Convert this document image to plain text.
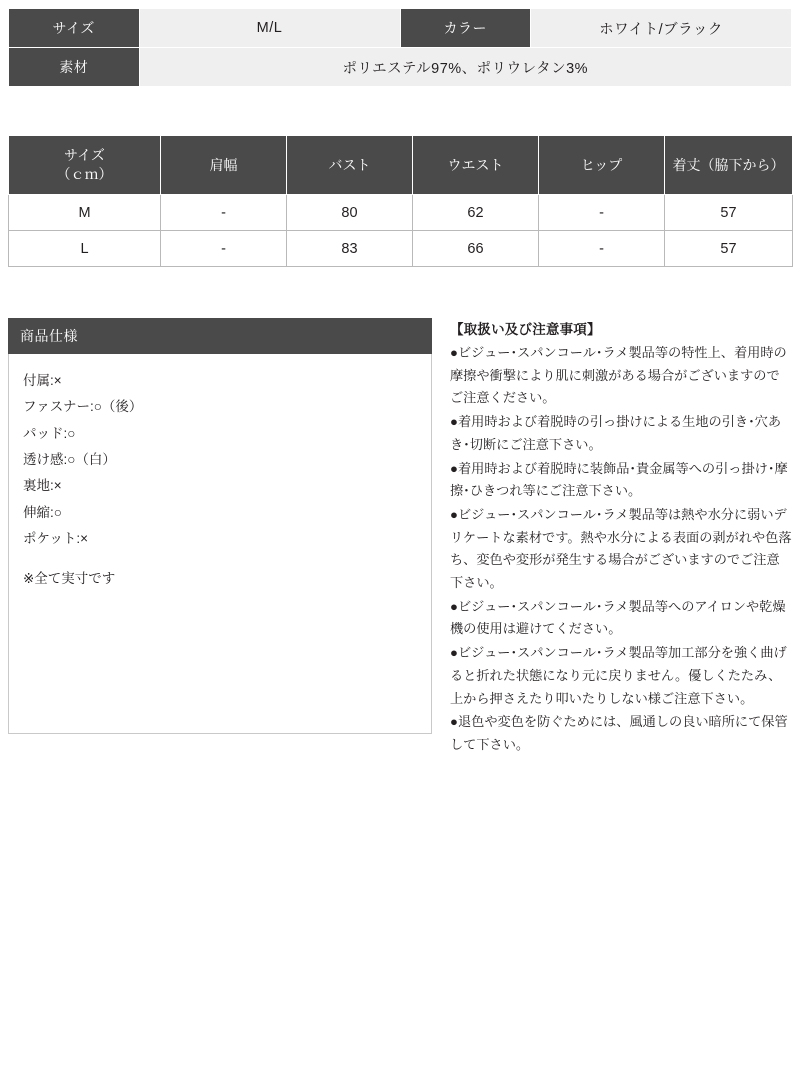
サイズ	M/L	カラー	ホワイト/ブラック
素材	ポリエステル97%、ポリウレタン3%		
サイズ
（ｃｍ）	肩幅	バスト	ウエスト	ヒップ	着丈（脇下から）
M	-	80	62	-	57
L	-	83	66	-	57
商品仕様
付属:×
ファスナー:○（後）
パッド:○
透け感:○（白）
裏地:×
伸縮:○
ポケット:×
※全て実寸です
【取扱い及び注意事項】
●ビジュー･スパンコール･ラメ製品等の特性上、着用時の摩擦や衝撃により肌に刺激がある場合がございますのでご注意ください。
●着用時および着脱時の引っ掛けによる生地の引き･穴あき･切断にご注意下さい。
●着用時および着脱時に装飾品･貴金属等への引っ掛け･摩擦･ひきつれ等にご注意下さい。
●ビジュー･スパンコール･ラメ製品等は熱や水分に弱いデリケートな素材です。熱や水分による表面の剥がれや色落ち、変色や変形が発生する場合がございますのでご注意下さい。
●ビジュー･スパンコール･ラメ製品等へのアイロンや乾燥機の使用は避けてください。
●ビジュー･スパンコール･ラメ製品等加工部分を強く曲げると折れた状態になり元に戻りません。優しくたたみ、上から押さえたり叩いたりしない様ご注意下さい。
●退色や変色を防ぐためには、風通しの良い暗所にて保管して下さい。
